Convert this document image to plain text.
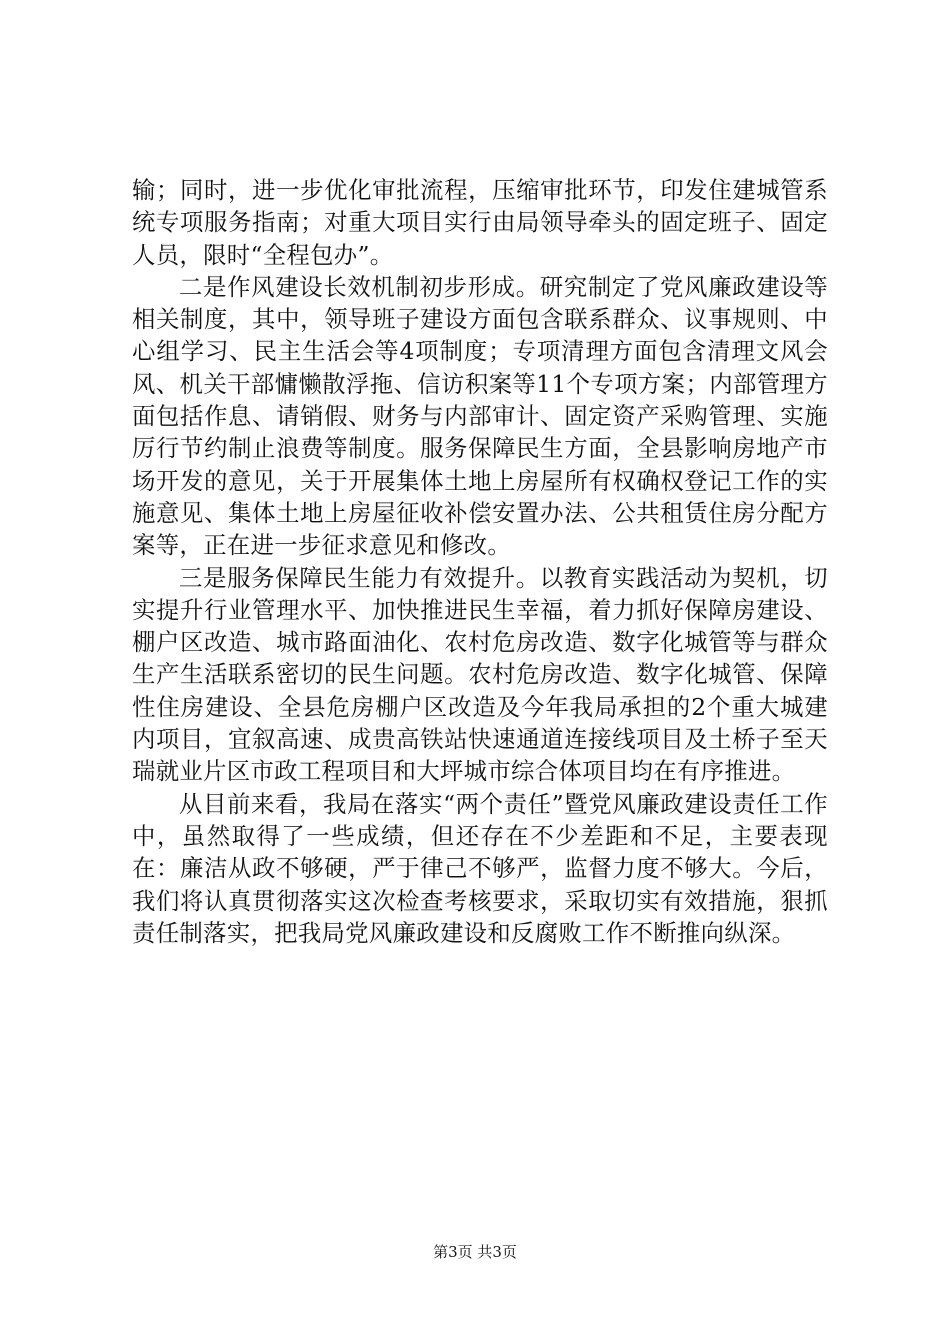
输；同时，进一步优化审批流程，压缩审批环节，印发住建城管系统专项服务指南；对重大项目实行由局领导牵头的固定班子、固定人员，限时“全程包办”。

二是作风建设长效机制初步形成。研究制定了党风廉政建设等相关制度，其中，领导班子建设方面包含联系群众、议事规则、中心组学习、民主生活会等4项制度；专项清理方面包含清理文风会风、机关干部慵懒散浮拖、信访积案等11个专项方案；内部管理方面包括作息、请销假、财务与内部审计、固定资产采购管理、实施厉行节约制止浪费等制度。服务保障民生方面，全县影响房地产市场开发的意见，关于开展集体土地上房屋所有权确权登记工作的实施意见、集体土地上房屋征收补偿安置办法、公共租赁住房分配方案等，正在进一步征求意见和修改。

三是服务保障民生能力有效提升。以教育实践活动为契机，切实提升行业管理水平、加快推进民生幸福，着力抓好保障房建设、棚户区改造、城市路面油化、农村危房改造、数字化城管等与群众生产生活联系密切的民生问题。农村危房改造、数字化城管、保障性住房建设、全县危房棚户区改造及今年我局承担的2个重大城建内项目，宜叙高速、成贵高铁站快速通道连接线项目及土桥子至天瑞就业片区市政工程项目和大坪城市综合体项目均在有序推进。

从目前来看，我局在落实“两个责任”暨党风廉政建设责任工作中，虽然取得了一些成绩，但还存在不少差距和不足，主要表现在：廉洁从政不够硬，严于律己不够严，监督力度不够大。今后，我们将认真贯彻落实这次检查考核要求，采取切实有效措施，狠抓责任制落实，把我局党风廉政建设和反腐败工作不断推向纵深。

第3页 共3页
